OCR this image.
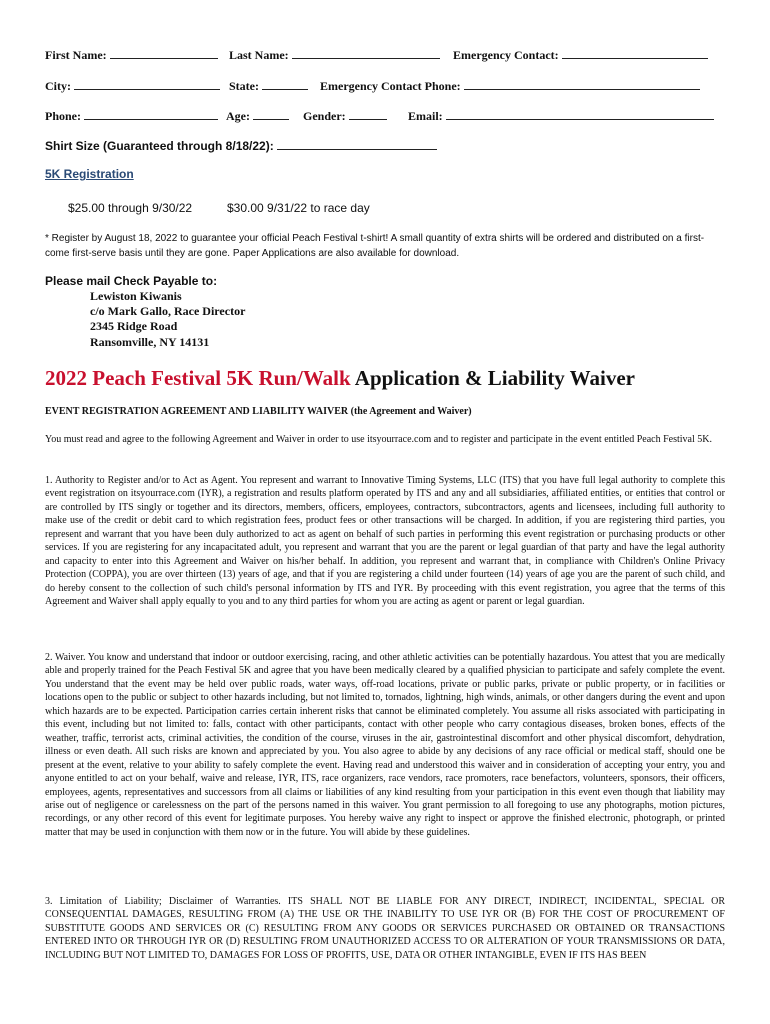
First Name:	Last Name:	Emergency Contact:
City:	State:	Emergency Contact Phone:
Phone:	Age:	Gender:	Email:
Shirt Size (Guaranteed through 8/18/22):
5K Registration
$25.00 through 9/30/22	$30.00 9/31/22 to race day

* Register by August 18, 2022 to guarantee your official Peach Festival t-shirt! A small quantity of extra shirts will be ordered and distributed on a first-come first-serve basis until they are gone. Paper Applications are also available for download.

Please mail Check Payable to:
Lewiston Kiwanis
c/o Mark Gallo, Race Director
2345 Ridge Road
Ransomville, NY 14131
2022 Peach Festival 5K Run/Walk Application & Liability Waiver
EVENT REGISTRATION AGREEMENT AND LIABILITY WAIVER (the Agreement and Waiver)

You must read and agree to the following Agreement and Waiver in order to use itsyourrace.com and to register and participate in the event entitled Peach Festival 5K.

1. Authority to Register and/or to Act as Agent. You represent and warrant to Innovative Timing Systems, LLC (ITS) that you have full legal authority to complete this event registration on itsyourrace.com (IYR), a registration and results platform operated by ITS and any and all subsidiaries, affiliated entities, or entities that control or are controlled by ITS singly or together and its directors, members, officers, employees, contractors, subcontractors, agents and licensees, including full authority to make use of the credit or debit card to which registration fees, product fees or other transactions will be charged. In addition, if you are registering third parties, you represent and warrant that you have been duly authorized to act as agent on behalf of such parties in performing this event registration or purchasing products or other services. If you are registering for any incapacitated adult, you represent and warrant that you are the parent or legal guardian of that party and have the legal authority and capacity to enter into this Agreement and Waiver on his/her behalf. In addition, you represent and warrant that, in compliance with Children's Online Privacy Protection (COPPA), you are over thirteen (13) years of age, and that if you are registering a child under fourteen (14) years of age you are the parent of such child, and do hereby consent to the collection of such child's personal information by ITS and IYR. By proceeding with this event registration, you agree that the terms of this Agreement and Waiver shall apply equally to you and to any third parties for whom you are acting as agent or parent or legal guardian.

2. Waiver. You know and understand that indoor or outdoor exercising, racing, and other athletic activities can be potentially hazardous. You attest that you are medically able and properly trained for the Peach Festival 5K and agree that you have been medically cleared by a qualified physician to participate and safely complete the event. You understand that the event may be held over public roads, water ways, off-road locations, private or public parks, private or public property, or in facilities or locations open to the public or subject to other hazards including, but not limited to, tornados, lightning, high winds, animals, or other dangers during the event and upon which hazards are to be expected. Participation carries certain inherent risks that cannot be eliminated completely. You assume all risks associated with participating in this event, including but not limited to: falls, contact with other participants, contact with other people who carry contagious diseases, broken bones, effects of the weather, traffic, terrorist acts, criminal activities, the condition of the course, viruses in the air, gastrointestinal discomfort and other physical discomfort, dehydration, illness or even death. All such risks are known and appreciated by you. You also agree to abide by any decisions of any race official or medical staff, should one be present at the event, relative to your ability to safely complete the event. Having read and understood this waiver and in consideration of accepting your entry, you and anyone entitled to act on your behalf, waive and release, IYR, ITS, race organizers, race vendors, race promoters, race benefactors, volunteers, sponsors, their officers, employees, agents, representatives and successors from all claims or liabilities of any kind resulting from your participation in this event even though that liability may arise out of negligence or carelessness on the part of the persons named in this waiver. You grant permission to all foregoing to use any photographs, motion pictures, recordings, or any other record of this event for legitimate purposes. You hereby waive any right to inspect or approve the finished electronic, photograph, or printed matter that may be used in conjunction with them now or in the future. You will abide by these guidelines.

3. Limitation of Liability; Disclaimer of Warranties. ITS SHALL NOT BE LIABLE FOR ANY DIRECT, INDIRECT, INCIDENTAL, SPECIAL OR CONSEQUENTIAL DAMAGES, RESULTING FROM (A) THE USE OR THE INABILITY TO USE IYR OR (B) FOR THE COST OF PROCUREMENT OF SUBSTITUTE GOODS AND SERVICES OR (C) RESULTING FROM ANY GOODS OR SERVICES PURCHASED OR OBTAINED OR TRANSACTIONS ENTERED INTO OR THROUGH IYR OR (D) RESULTING FROM UNAUTHORIZED ACCESS TO OR ALTERATION OF YOUR TRANSMISSIONS OR DATA, INCLUDING BUT NOT LIMITED TO, DAMAGES FOR LOSS OF PROFITS, USE, DATA OR OTHER INTANGIBLE, EVEN IF ITS HAS BEEN
